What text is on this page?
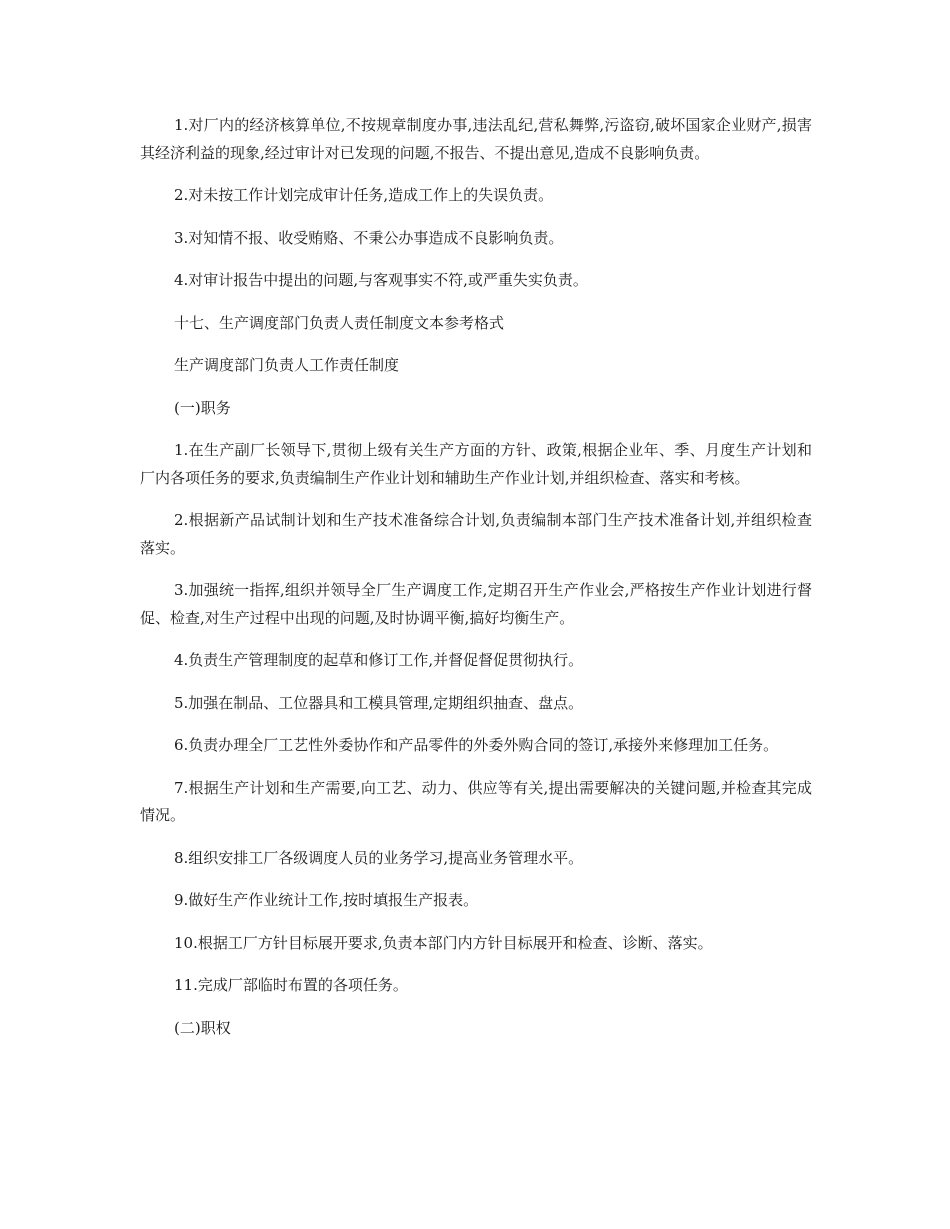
1.对厂内的经济核算单位,不按规章制度办事,违法乱纪,营私舞弊,污盗窃,破坏国家企业财产,损害其经济利益的现象,经过审计对已发现的问题,不报告、不提出意见,造成不良影响负责。

2.对未按工作计划完成审计任务,造成工作上的失误负责。

3.对知情不报、收受贿赂、不秉公办事造成不良影响负责。

4.对审计报告中提出的问题,与客观事实不符,或严重失实负责。

十七、生产调度部门负责人责任制度文本参考格式

生产调度部门负责人工作责任制度

(一)职务

1.在生产副厂长领导下,贯彻上级有关生产方面的方针、政策,根据企业年、季、月度生产计划和厂内各项任务的要求,负责编制生产作业计划和辅助生产作业计划,并组织检查、落实和考核。

2.根据新产品试制计划和生产技术准备综合计划,负责编制本部门生产技术准备计划,并组织检查落实。

3.加强统一指挥,组织并领导全厂生产调度工作,定期召开生产作业会,严格按生产作业计划进行督促、检查,对生产过程中出现的问题,及时协调平衡,搞好均衡生产。

4.负责生产管理制度的起草和修订工作,并督促督促贯彻执行。

5.加强在制品、工位器具和工模具管理,定期组织抽查、盘点。

6.负责办理全厂工艺性外委协作和产品零件的外委外购合同的签订,承接外来修理加工任务。

7.根据生产计划和生产需要,向工艺、动力、供应等有关,提出需要解决的关键问题,并检查其完成情况。

8.组织安排工厂各级调度人员的业务学习,提高业务管理水平。

9.做好生产作业统计工作,按时填报生产报表。

10.根据工厂方针目标展开要求,负责本部门内方针目标展开和检查、诊断、落实。

11.完成厂部临时布置的各项任务。

(二)职权
